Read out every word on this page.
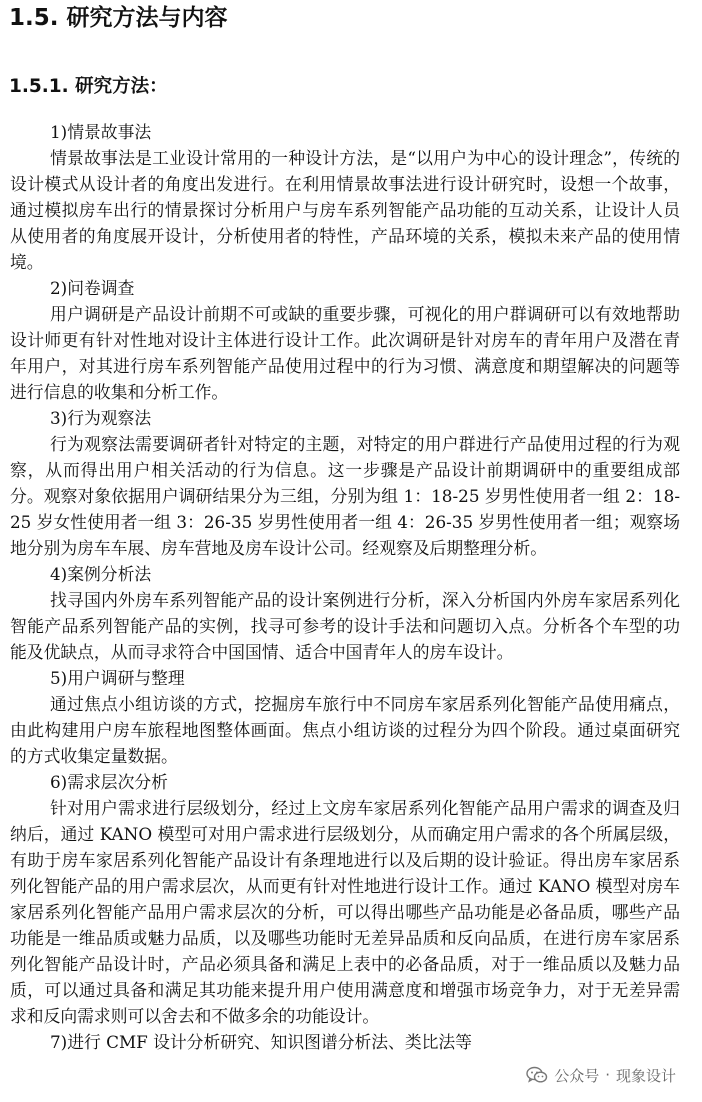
1.5. 研究方法与内容
1.5.1. 研究方法：

1)情景故事法

情景故事法是工业设计常用的一种设计方法，是“以用户为中心的设计理念”，传统的设计模式从设计者的角度出发进行。在利用情景故事法进行设计研究时，设想一个故事，通过模拟房车出行的情景探讨分析用户与房车系列智能产品功能的互动关系，让设计人员从使用者的角度展开设计，分析使用者的特性，产品环境的关系，模拟未来产品的使用情境。

2)问卷调查

用户调研是产品设计前期不可或缺的重要步骤，可视化的用户群调研可以有效地帮助设计师更有针对性地对设计主体进行设计工作。此次调研是针对房车的青年用户及潜在青年用户，对其进行房车系列智能产品使用过程中的行为习惯、满意度和期望解决的问题等进行信息的收集和分析工作。

3)行为观察法

行为观察法需要调研者针对特定的主题，对特定的用户群进行产品使用过程的行为观察，从而得出用户相关活动的行为信息。这一步骤是产品设计前期调研中的重要组成部分。观察对象依据用户调研结果分为三组，分别为组 1：18-25 岁男性使用者一组 2：18-25 岁女性使用者一组 3：26-35 岁男性使用者一组 4：26-35 岁男性使用者一组；观察场地分别为房车车展、房车营地及房车设计公司。经观察及后期整理分析。

4)案例分析法

找寻国内外房车系列智能产品的设计案例进行分析，深入分析国内外房车家居系列化智能产品系列智能产品的实例，找寻可参考的设计手法和问题切入点。分析各个车型的功能及优缺点，从而寻求符合中国国情、适合中国青年人的房车设计。

5)用户调研与整理

通过焦点小组访谈的方式，挖掘房车旅行中不同房车家居系列化智能产品使用痛点，由此构建用户房车旅程地图整体画面。焦点小组访谈的过程分为四个阶段。通过桌面研究的方式收集定量数据。

6)需求层次分析

针对用户需求进行层级划分，经过上文房车家居系列化智能产品用户需求的调查及归纳后，通过 KANO 模型可对用户需求进行层级划分，从而确定用户需求的各个所属层级，有助于房车家居系列化智能产品设计有条理地进行以及后期的设计验证。得出房车家居系列化智能产品的用户需求层次，从而更有针对性地进行设计工作。通过 KANO 模型对房车家居系列化智能产品用户需求层次的分析，可以得出哪些产品功能是必备品质，哪些产品功能是一维品质或魅力品质，以及哪些功能时无差异品质和反向品质，在进行房车家居系列化智能产品设计时，产品必须具备和满足上表中的必备品质，对于一维品质以及魅力品质，可以通过具备和满足其功能来提升用户使用满意度和增强市场竞争力，对于无差异需求和反向需求则可以舍去和不做多余的功能设计。

7)进行 CMF 设计分析研究、知识图谱分析法、类比法等

公众号 · 现象设计
